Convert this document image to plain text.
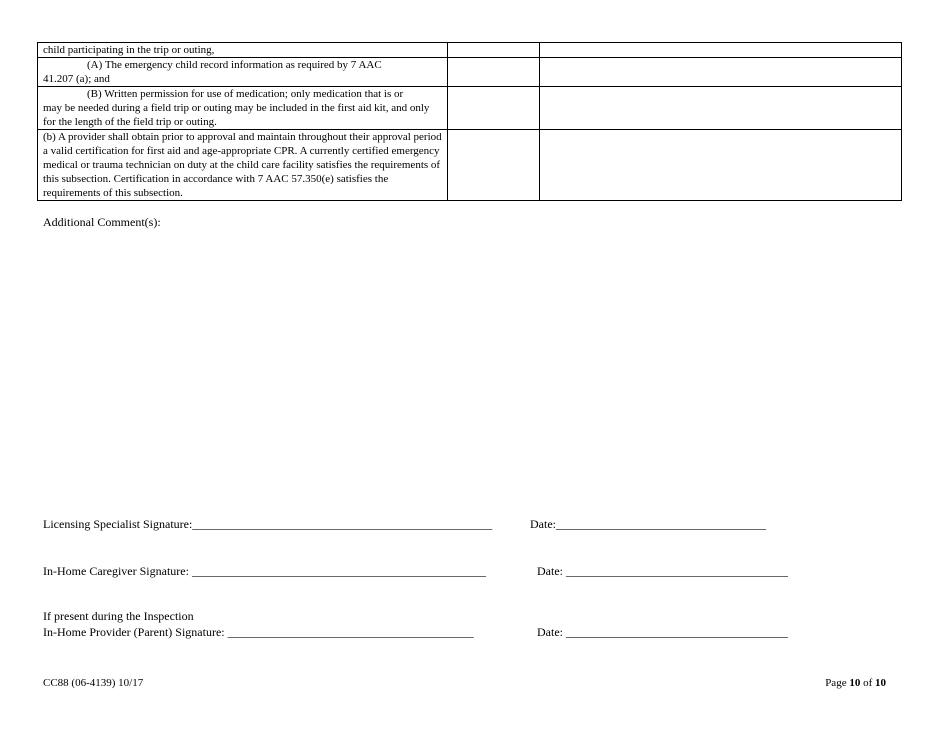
child participating in the trip or outing,		
(A) The emergency child record information as required by 7 AAC
41.207 (a); and		
(B) Written permission for use of medication; only medication that is or
may be needed during a field trip or outing may be included in the first aid kit, and only for the length of the field trip or outing.		
(b) A provider shall obtain prior to approval and maintain throughout their approval period a valid certification for first aid and age-appropriate CPR. A currently certified emergency medical or trauma technician on duty at the child care facility satisfies the requirements of this subsection. Certification in accordance with 7 AAC 57.350(e) satisfies the requirements of this subsection.		
Additional Comment(s):
Licensing Specialist Signature:__________________________________________________	Date:___________________________________
In-Home Caregiver Signature: _________________________________________________	Date: _____________________________________
If present during the Inspection
In-Home Provider (Parent) Signature: _________________________________________	Date: _____________________________________
CC88 (06-4139) 10/17	Page 10 of 10
